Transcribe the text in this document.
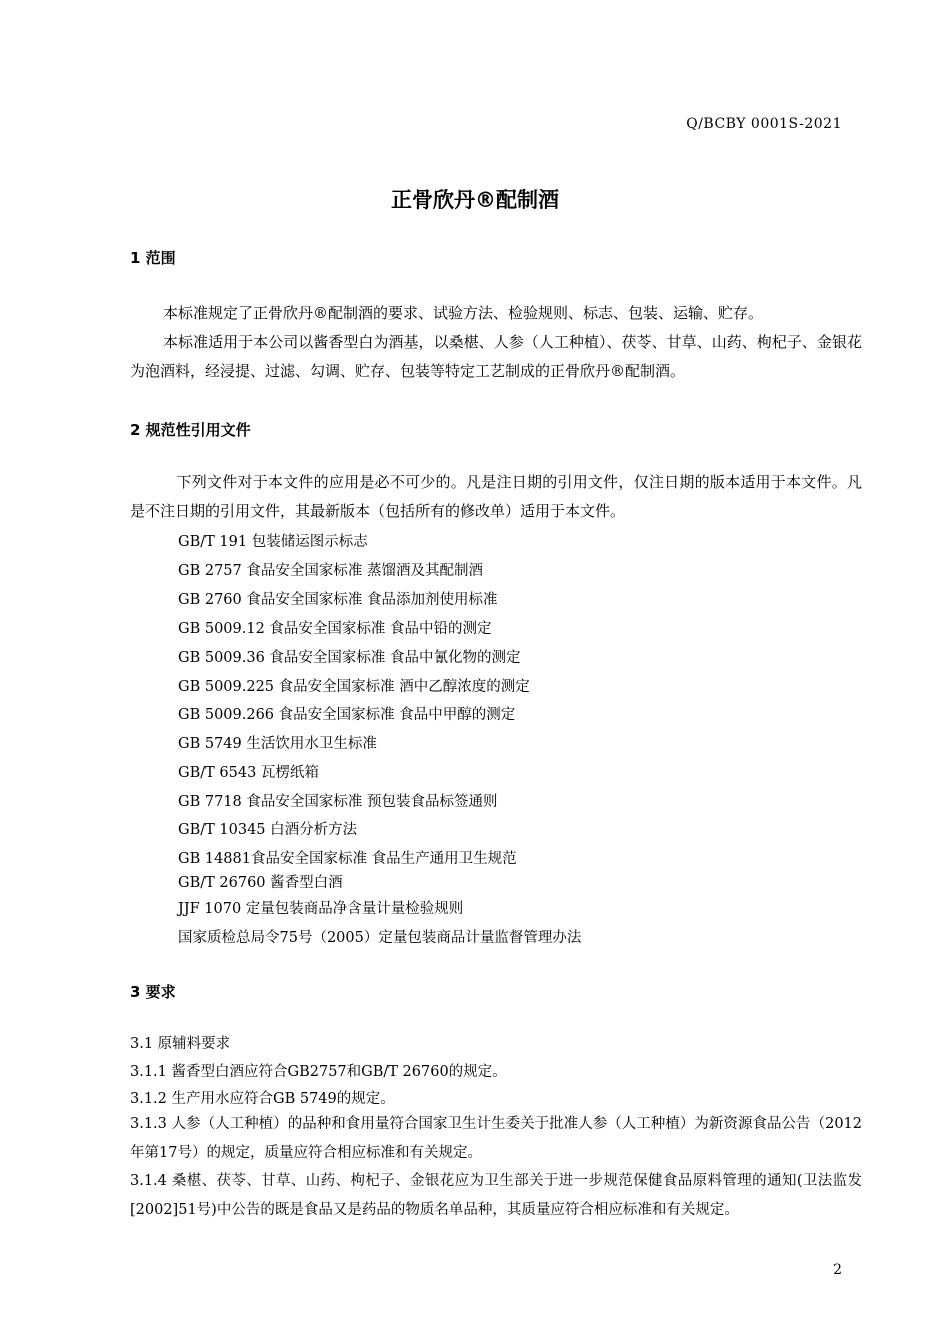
Q/BCBY 0001S-2021
正骨欣丹®配制酒
1 范围
本标准规定了正骨欣丹®配制酒的要求、试验方法、检验规则、标志、包装、运输、贮存。
本标准适用于本公司以酱香型白为酒基，以桑椹、人参（人工种植）、茯苓、甘草、山药、枸杞子、金银花为泡酒料，经浸提、过滤、勾调、贮存、包装等特定工艺制成的正骨欣丹®配制酒。
2 规范性引用文件
下列文件对于本文件的应用是必不可少的。凡是注日期的引用文件，仅注日期的版本适用于本文件。凡是不注日期的引用文件，其最新版本（包括所有的修改单）适用于本文件。
GB/T 191 包装储运图示标志
GB 2757 食品安全国家标准 蒸馏酒及其配制酒
GB 2760 食品安全国家标准 食品添加剂使用标准
GB 5009.12 食品安全国家标准 食品中铅的测定
GB 5009.36 食品安全国家标准 食品中氰化物的测定
GB 5009.225 食品安全国家标准 酒中乙醇浓度的测定
GB 5009.266 食品安全国家标准 食品中甲醇的测定
GB 5749 生活饮用水卫生标准
GB/T 6543 瓦楞纸箱
GB 7718 食品安全国家标准 预包装食品标签通则
GB/T 10345 白酒分析方法
GB 14881食品安全国家标准 食品生产通用卫生规范
GB/T 26760 酱香型白酒
JJF 1070 定量包装商品净含量计量检验规则
国家质检总局令75号（2005）定量包装商品计量监督管理办法
3 要求
3.1 原辅料要求
3.1.1 酱香型白酒应符合GB2757和GB/T 26760的规定。
3.1.2 生产用水应符合GB 5749的规定。
3.1.3 人参（人工种植）的品种和食用量符合国家卫生计生委关于批准人参（人工种植）为新资源食品公告（2012年第17号）的规定，质量应符合相应标准和有关规定。
3.1.4 桑椹、茯苓、甘草、山药、枸杞子、金银花应为卫生部关于进一步规范保健食品原料管理的通知(卫法监发[2002]51号)中公告的既是食品又是药品的物质名单品种，其质量应符合相应标准和有关规定。
2
